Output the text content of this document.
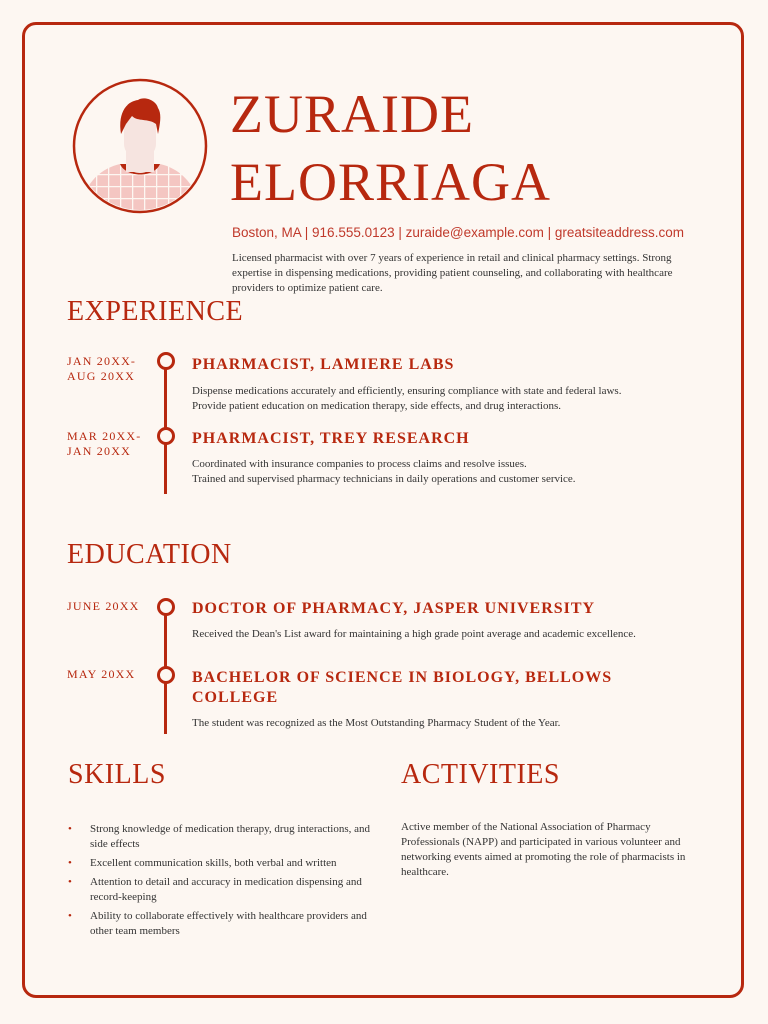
ZURAIDE
ELORRIAGA
Boston, MA | 916.555.0123 | zuraide@example.com | greatsiteaddress.com

Licensed pharmacist with over 7 years of experience in retail and clinical pharmacy settings. Strong expertise in dispensing medications, providing patient counseling, and collaborating with healthcare providers to optimize patient care.

EXPERIENCE
JAN 20XX-
AUG 20XX
PHARMACIST, LAMIERE LABS

Dispense medications accurately and efficiently, ensuring compliance with state and federal laws.
Provide patient education on medication therapy, side effects, and drug interactions.

MAR 20XX-
JAN 20XX
PHARMACIST, TREY RESEARCH

Coordinated with insurance companies to process claims and resolve issues.
Trained and supervised pharmacy technicians in daily operations and customer service.

EDUCATION
JUNE 20XX	DOCTOR OF PHARMACY, JASPER UNIVERSITY

Received the Dean's List award for maintaining a high grade point average and academic excellence.

MAY 20XX	BACHELOR OF SCIENCE IN BIOLOGY, BELLOWS
COLLEGE

The student was recognized as the Most Outstanding Pharmacy Student of the Year.

SKILLS
• Strong knowledge of medication therapy, drug interactions, and side effects
• Excellent communication skills, both verbal and written
• Attention to detail and accuracy in medication dispensing and record-keeping
• Ability to collaborate effectively with healthcare providers and other team members
ACTIVITIES

Active member of the National Association of Pharmacy Professionals (NAPP) and participated in various volunteer and networking events aimed at promoting the role of pharmacists in healthcare.
